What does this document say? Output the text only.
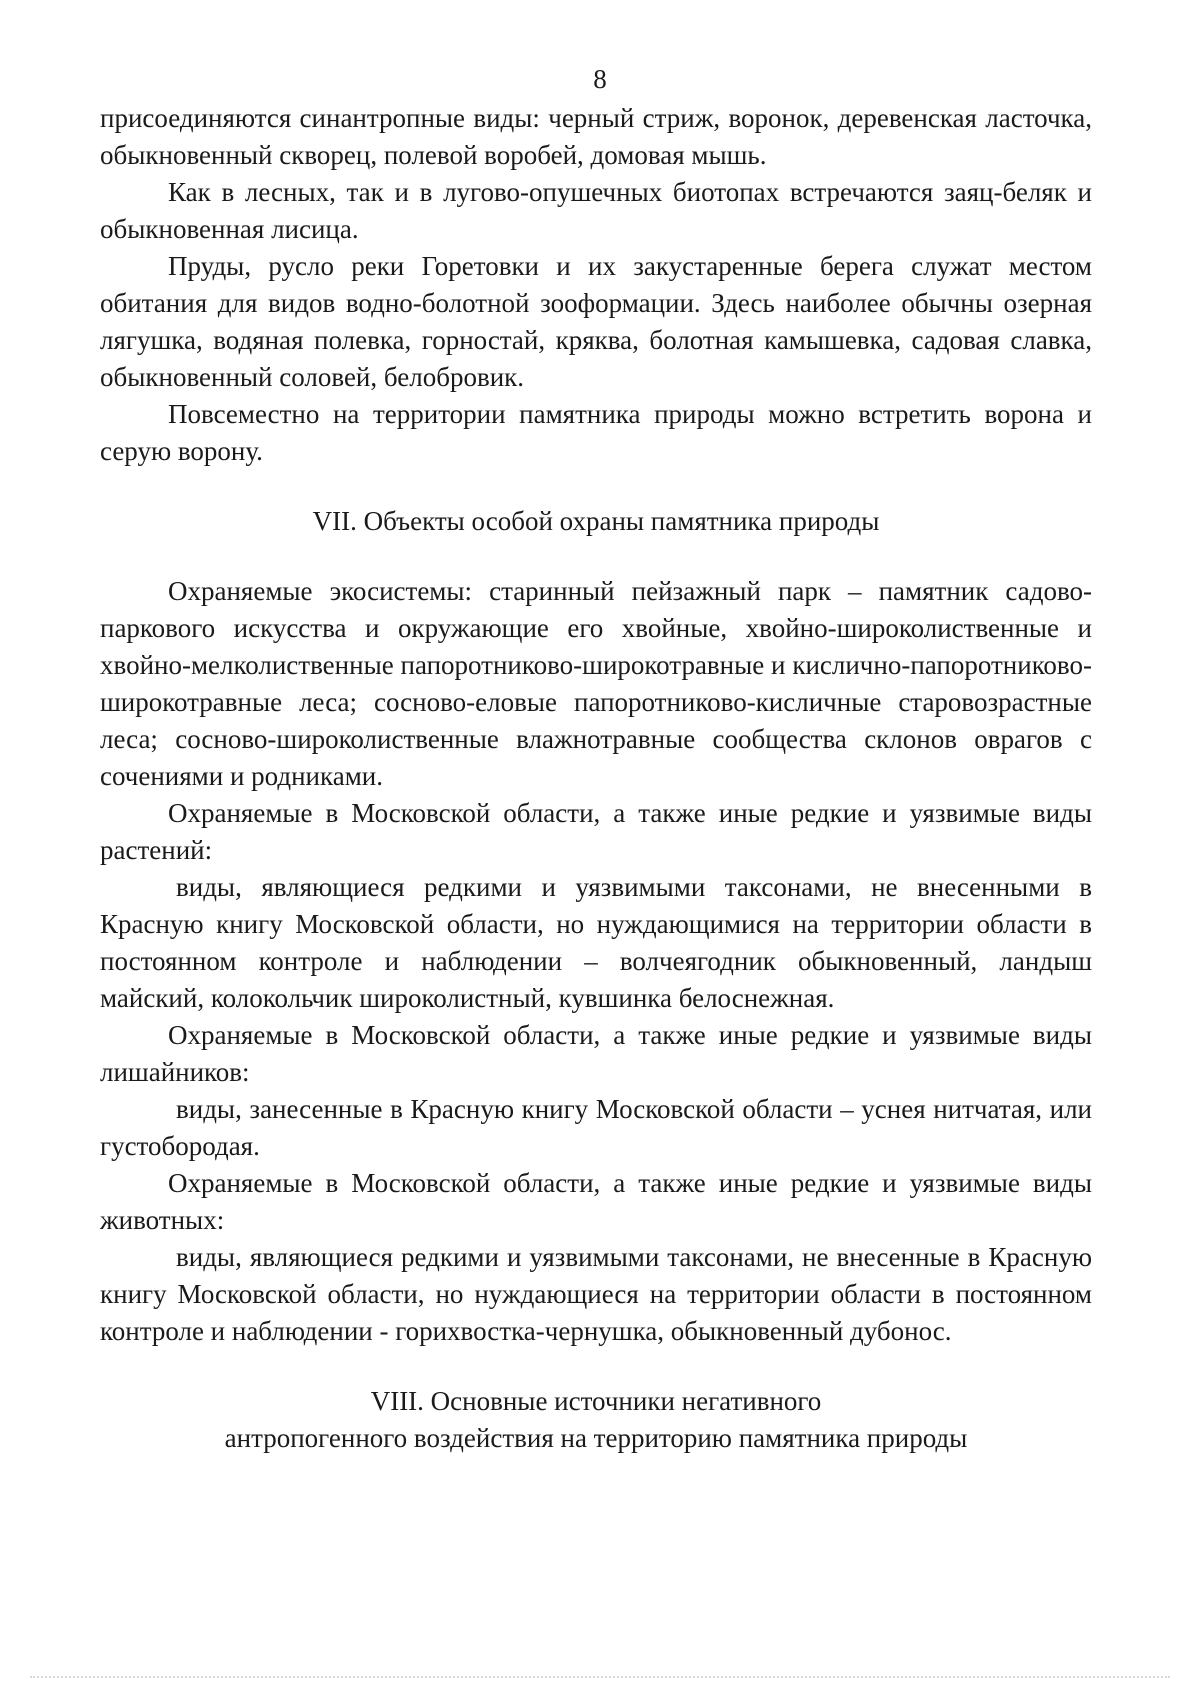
8

присоединяются синантропные виды: черный стриж, воронок, деревенская ласточка, обыкновенный скворец, полевой воробей, домовая мышь.

Как в лесных, так и в лугово-опушечных биотопах встречаются заяц-беляк и обыкновенная лисица.

Пруды, русло реки Горетовки и их закустаренные берега служат местом обитания для видов водно-болотной зооформации. Здесь наиболее обычны озерная лягушка, водяная полевка, горностай, кряква, болотная камышевка, садовая славка, обыкновенный соловей, белобровик.

Повсеместно на территории памятника природы можно встретить ворона и серую ворону.

VII. Объекты особой охраны памятника природы

Охраняемые экосистемы: старинный пейзажный парк – памятник садово-паркового искусства и окружающие его хвойные, хвойно-широколиственные и хвойно-мелколиственные папоротниково-широкотравные и кислично-папоротниково-широкотравные леса; сосново-еловые папоротниково-кисличные старовозрастные леса; сосново-широколиственные влажнотравные сообщества склонов оврагов с сочениями и родниками.

Охраняемые в Московской области, а также иные редкие и уязвимые виды растений:

виды, являющиеся редкими и уязвимыми таксонами, не внесенными в Красную книгу Московской области, но нуждающимися на территории области в постоянном контроле и наблюдении – волчеягодник обыкновенный, ландыш майский, колокольчик широколистный, кувшинка белоснежная.

Охраняемые в Московской области, а также иные редкие и уязвимые виды лишайников:

виды, занесенные в Красную книгу Московской области – уснея нитчатая, или густобородая.

Охраняемые в Московской области, а также иные редкие и уязвимые виды животных:

виды, являющиеся редкими и уязвимыми таксонами, не внесенные в Красную книгу Московской области, но нуждающиеся на территории области в постоянном контроле и наблюдении - горихвостка-чернушка, обыкновенный дубонос.

VIII. Основные источники негативного
антропогенного воздействия на территорию памятника природы
